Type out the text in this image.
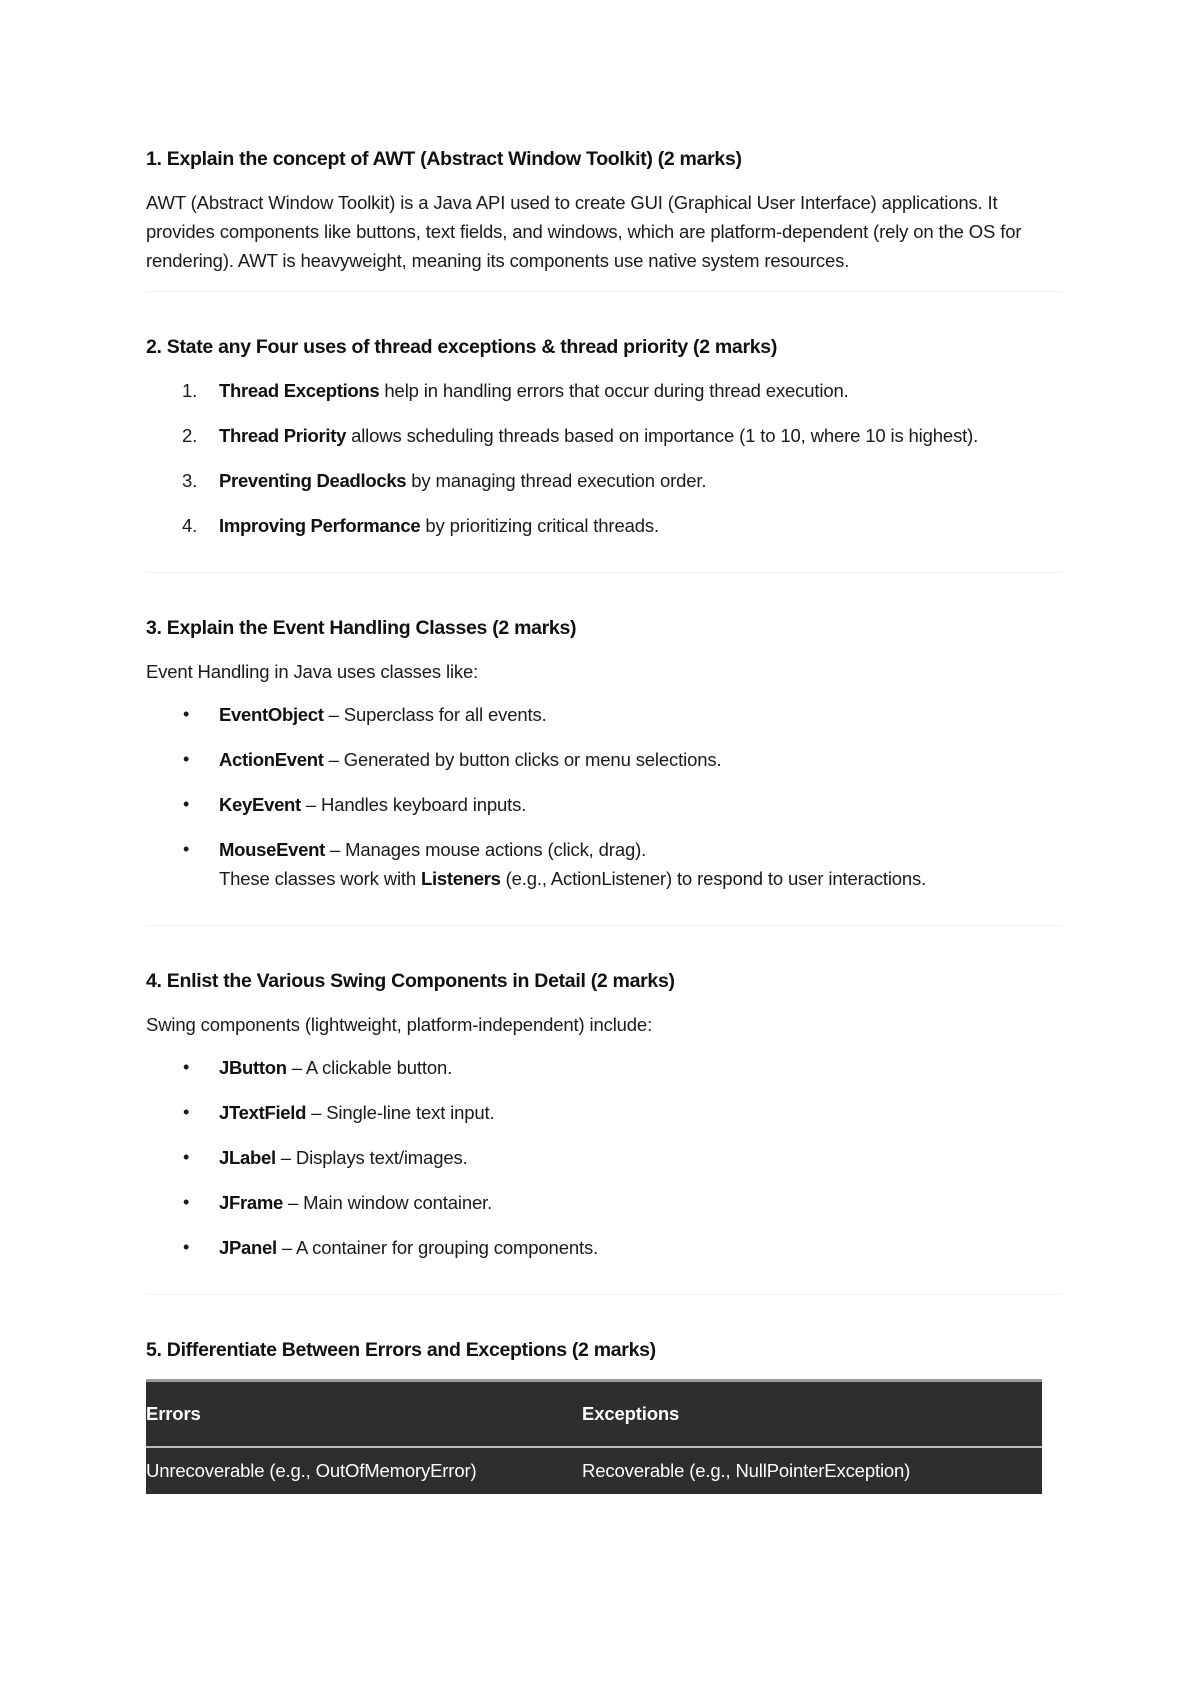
1. Explain the concept of AWT (Abstract Window Toolkit) (2 marks)

AWT (Abstract Window Toolkit) is a Java API used to create GUI (Graphical User Interface) applications. It provides components like buttons, text fields, and windows, which are platform-dependent (rely on the OS for rendering). AWT is heavyweight, meaning its components use native system resources.

2. State any Four uses of thread exceptions & thread priority (2 marks)
1. Thread Exceptions help in handling errors that occur during thread execution.
2. Thread Priority allows scheduling threads based on importance (1 to 10, where 10 is highest).
3. Preventing Deadlocks by managing thread execution order.
4. Improving Performance by prioritizing critical threads.
3. Explain the Event Handling Classes (2 marks)

Event Handling in Java uses classes like:

• EventObject – Superclass for all events.
• ActionEvent – Generated by button clicks or menu selections.
• KeyEvent – Handles keyboard inputs.
• MouseEvent – Manages mouse actions (click, drag).
These classes work with Listeners (e.g., ActionListener) to respond to user interactions.
4. Enlist the Various Swing Components in Detail (2 marks)

Swing components (lightweight, platform-independent) include:

• JButton – A clickable button.
• JTextField – Single-line text input.
• JLabel – Displays text/images.
• JFrame – Main window container.
• JPanel – A container for grouping components.
5. Differentiate Between Errors and Exceptions (2 marks)
Errors	Exceptions
Unrecoverable (e.g., OutOfMemoryError)	Recoverable (e.g., NullPointerException)
